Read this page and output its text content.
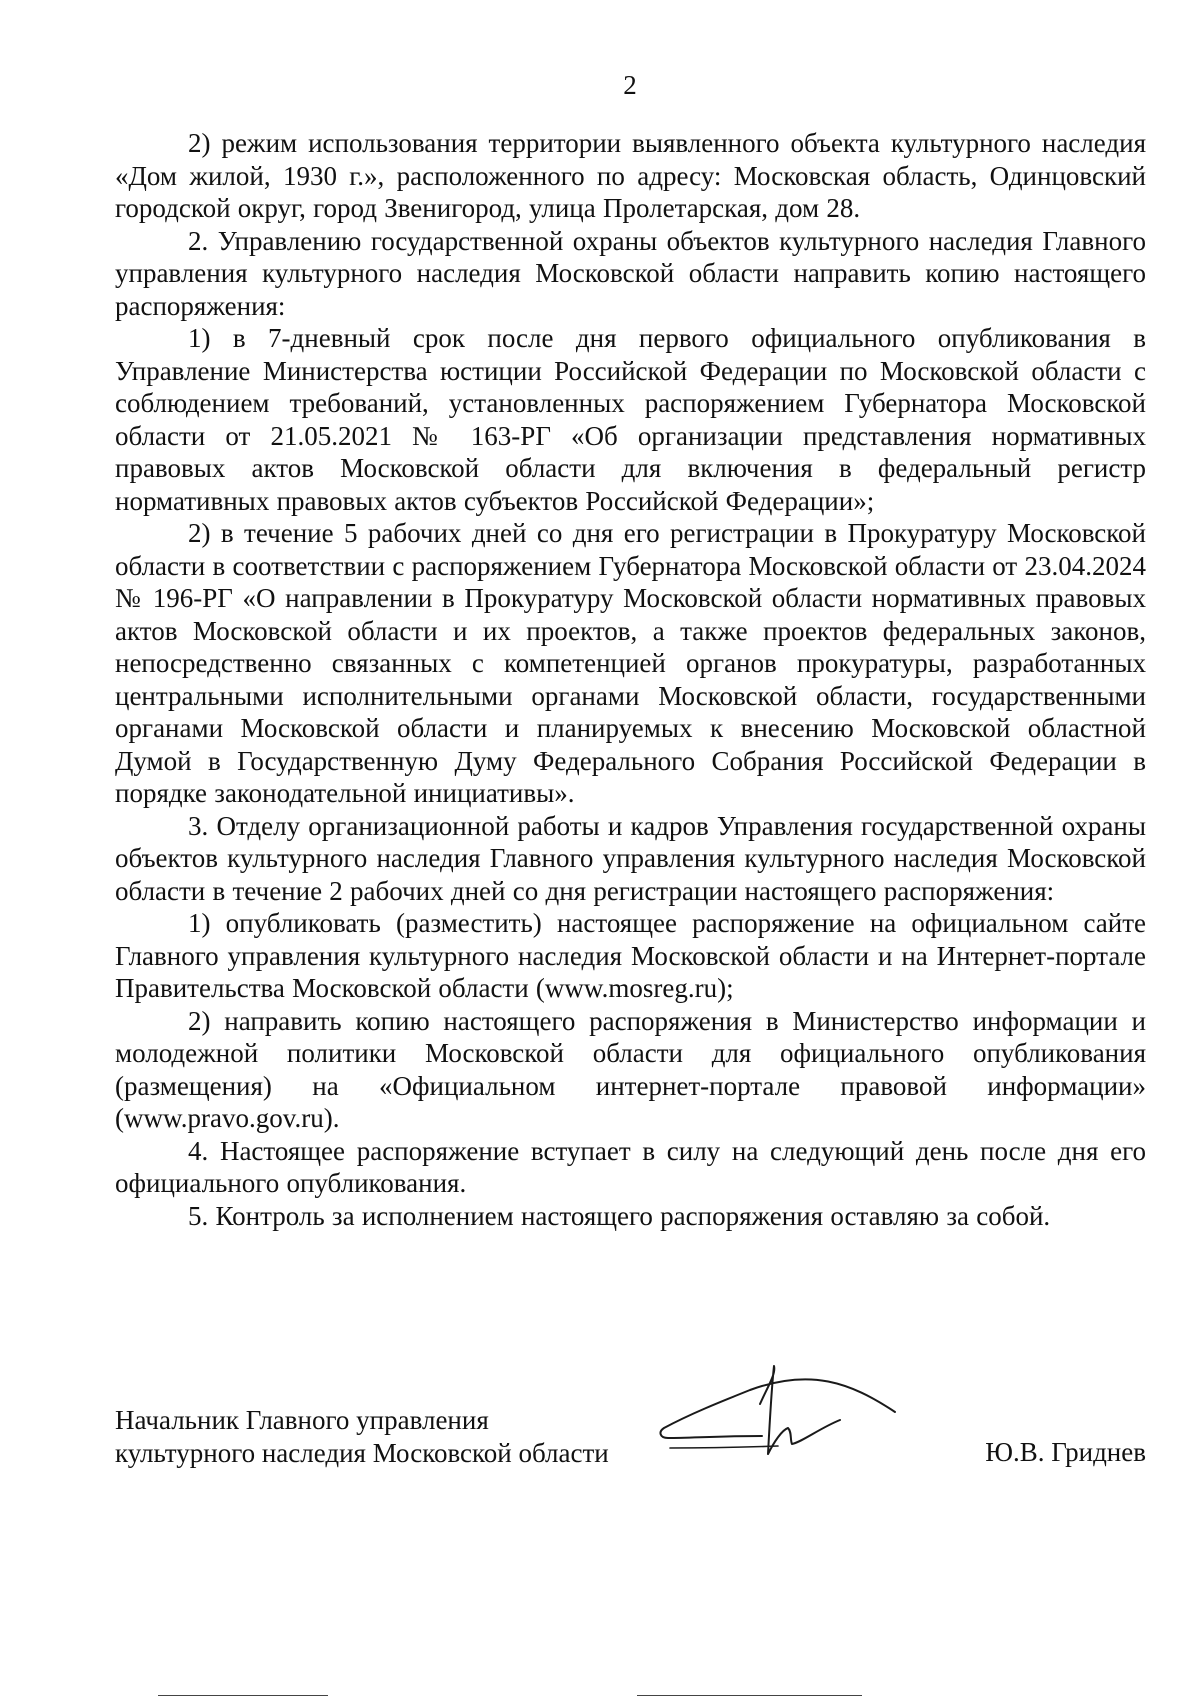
2

2) режим использования территории выявленного объекта культурного наследия «Дом жилой, 1930 г.», расположенного по адресу: Московская область, Одинцовский городской округ, город Звенигород, улица Пролетарская, дом 28.

2. Управлению государственной охраны объектов культурного наследия Главного управления культурного наследия Московской области направить копию настоящего распоряжения:

1) в 7-дневный срок после дня первого официального опубликования в Управление Министерства юстиции Российской Федерации по Московской области с соблюдением требований, установленных распоряжением Губернатора Московской области от 21.05.2021 № 163-РГ «Об организации представления нормативных правовых актов Московской области для включения в федеральный регистр нормативных правовых актов субъектов Российской Федерации»;

2) в течение 5 рабочих дней со дня его регистрации в Прокуратуру Московской области в соответствии с распоряжением Губернатора Московской области от 23.04.2024 № 196-РГ «О направлении в Прокуратуру Московской области нормативных правовых актов Московской области и их проектов, а также проектов федеральных законов, непосредственно связанных с компетенцией органов прокуратуры, разработанных центральными исполнительными органами Московской области, государственными органами Московской области и планируемых к внесению Московской областной Думой в Государственную Думу Федерального Собрания Российской Федерации в порядке законодательной инициативы».

3. Отделу организационной работы и кадров Управления государственной охраны объектов культурного наследия Главного управления культурного наследия Московской области в течение 2 рабочих дней со дня регистрации настоящего распоряжения:

1) опубликовать (разместить) настоящее распоряжение на официальном сайте Главного управления культурного наследия Московской области и на Интернет-портале Правительства Московской области (www.mosreg.ru);

2) направить копию настоящего распоряжения в Министерство информации и молодежной политики Московской области для официального опубликования (размещения) на «Официальном интернет-портале правовой информации» (www.pravo.gov.ru).

4. Настоящее распоряжение вступает в силу на следующий день после дня его официального опубликования.

5. Контроль за исполнением настоящего распоряжения оставляю за собой.

Начальник Главного управления
культурного наследия Московской области	Ю.В. Гриднев
